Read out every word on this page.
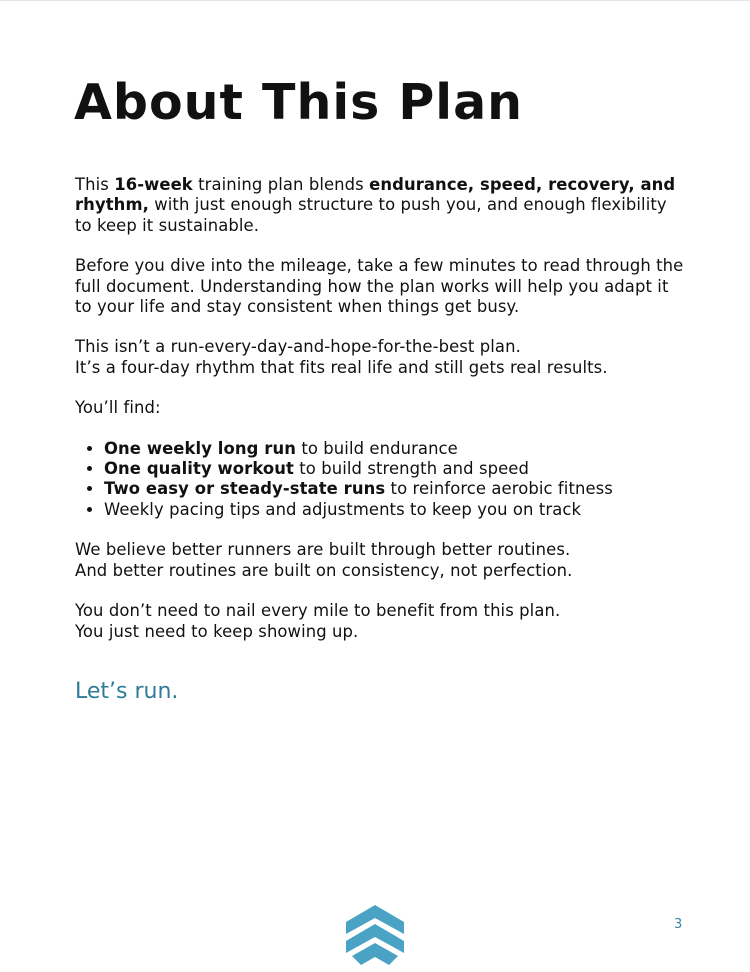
About This Plan

This 16-week training plan blends endurance, speed, recovery, and rhythm, with just enough structure to push you, and enough flexibility to keep it sustainable.

Before you dive into the mileage, take a few minutes to read through the full document. Understanding how the plan works will help you adapt it to your life and stay consistent when things get busy.

This isn’t a run-every-day-and-hope-for-the-best plan.
It’s a four-day rhythm that fits real life and still gets real results.

You’ll find:

• One weekly long run to build endurance
• One quality workout to build strength and speed
• Two easy or steady-state runs to reinforce aerobic fitness
• Weekly pacing tips and adjustments to keep you on track

We believe better runners are built through better routines.
And better routines are built on consistency, not perfection.

You don’t need to nail every mile to benefit from this plan.
You just need to keep showing up.

Let’s run.

3
